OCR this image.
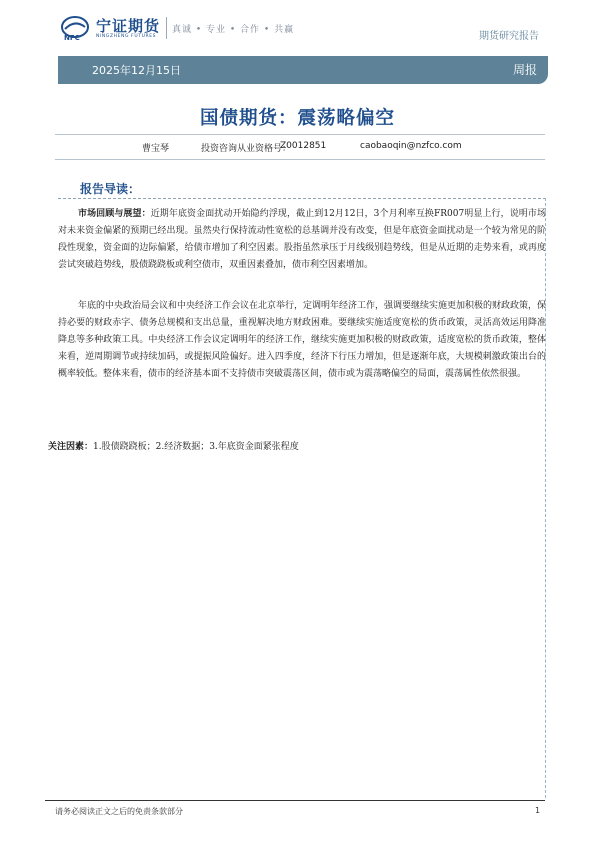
NFC
宁证期货
NINGZHENG FUTURES
真诚 • 专业 • 合作 • 共赢
期货研究报告
2025年12月15日	周报
国债期货：震荡略偏空
曹宝琴	投资咨询从业资格号：
Z0012851	caobaoqin@nzfco.com
报告导读：
市场回顾与展望：近期年底资金面扰动开始隐约浮现，截止到12月12日，3个月利率互换FR007明显上行，说明市场对未来资金偏紧的预期已经出现。虽然央行保持流动性宽松的总基调并没有改变，但是年底资金面扰动是一个较为常见的阶段性现象，资金面的边际偏紧，给债市增加了利空因素。股指虽然承压于月线级别趋势线，但是从近期的走势来看，或再度尝试突破趋势线，股债跷跷板或利空债市，双重因素叠加，债市利空因素增加。
年底的中央政治局会议和中央经济工作会议在北京举行，定调明年经济工作，强调要继续实施更加积极的财政政策，保持必要的财政赤字、债务总规模和支出总量，重视解决地方财政困难。要继续实施适度宽松的货币政策，灵活高效运用降准降息等多种政策工具。中央经济工作会议定调明年的经济工作，继续实施更加积极的财政政策，适度宽松的货币政策，整体来看，逆周期调节或持续加码，或提振风险偏好。进入四季度，经济下行压力增加，但是逐渐年底，大规模刺激政策出台的概率较低。整体来看，债市的经济基本面不支持债市突破震荡区间，债市或为震荡略偏空的局面，震荡属性依然很强。
关注因素：1.股债跷跷板；2.经济数据；3.年底资金面紧张程度
请务必阅读正文之后的免责条款部分	1
